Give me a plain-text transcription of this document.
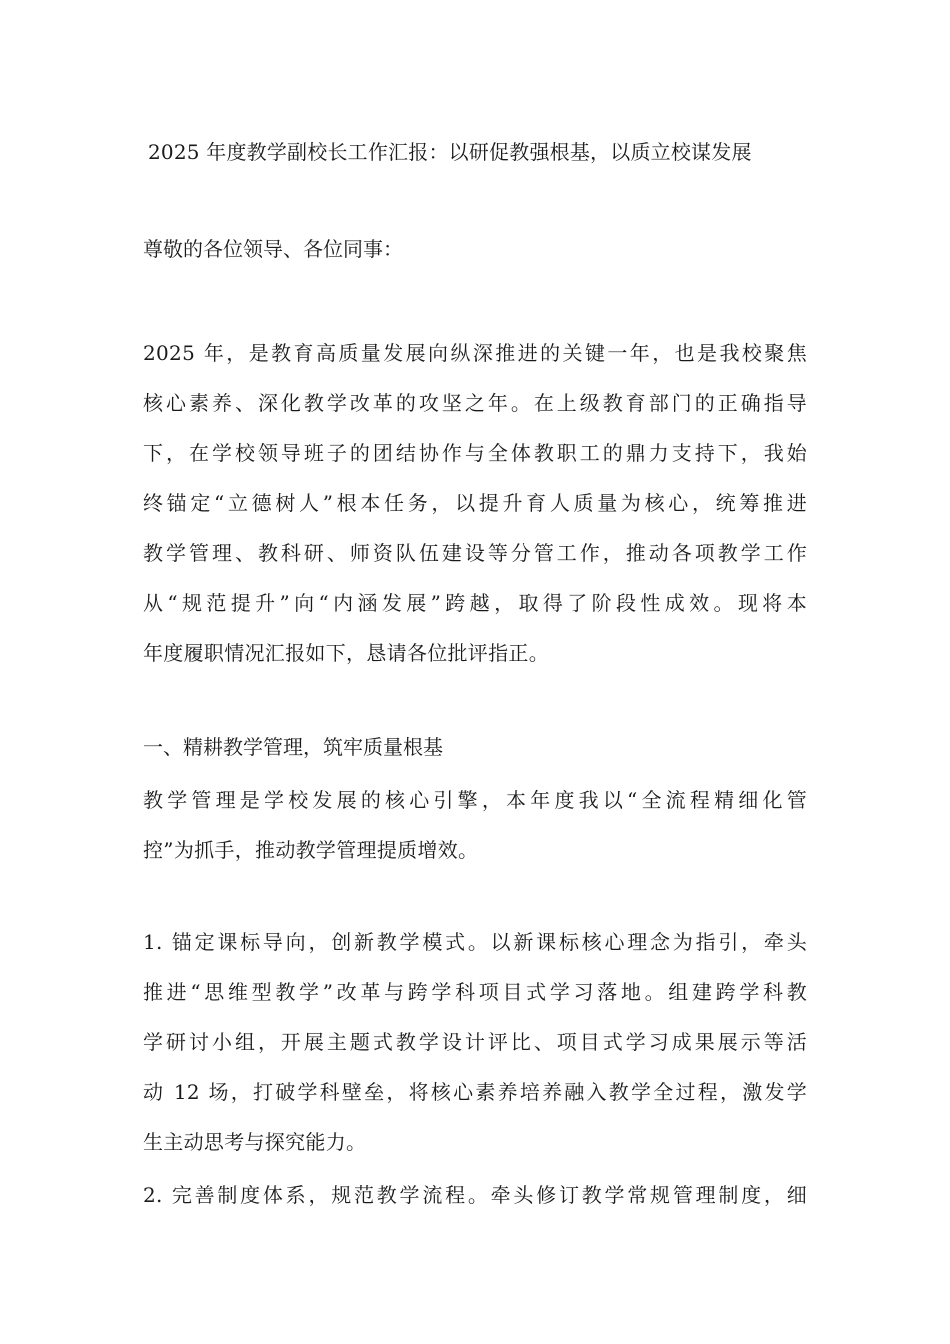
2025 年度教学副校长工作汇报：以研促教强根基，以质立校谋发展
尊敬的各位领导、各位同事：
2025 年，是教育高质量发展向纵深推进的关键一年，也是我校聚焦
核心素养、深化教学改革的攻坚之年。在上级教育部门的正确指导
下，在学校领导班子的团结协作与全体教职工的鼎力支持下，我始
终锚定“立德树人”根本任务，以提升育人质量为核心，统筹推进
教学管理、教科研、师资队伍建设等分管工作，推动各项教学工作
从“规范提升”向“内涵发展”跨越，取得了阶段性成效。现将本
年度履职情况汇报如下，恳请各位批评指正。
一、精耕教学管理，筑牢质量根基
教学管理是学校发展的核心引擎，本年度我以“全流程精细化管
控”为抓手，推动教学管理提质增效。
1. 锚定课标导向，创新教学模式。以新课标核心理念为指引，牵头
推进“思维型教学”改革与跨学科项目式学习落地。组建跨学科教
学研讨小组，开展主题式教学设计评比、项目式学习成果展示等活
动 12 场，打破学科壁垒，将核心素养培养融入教学全过程，激发学
生主动思考与探究能力。
2. 完善制度体系，规范教学流程。牵头修订教学常规管理制度，细
